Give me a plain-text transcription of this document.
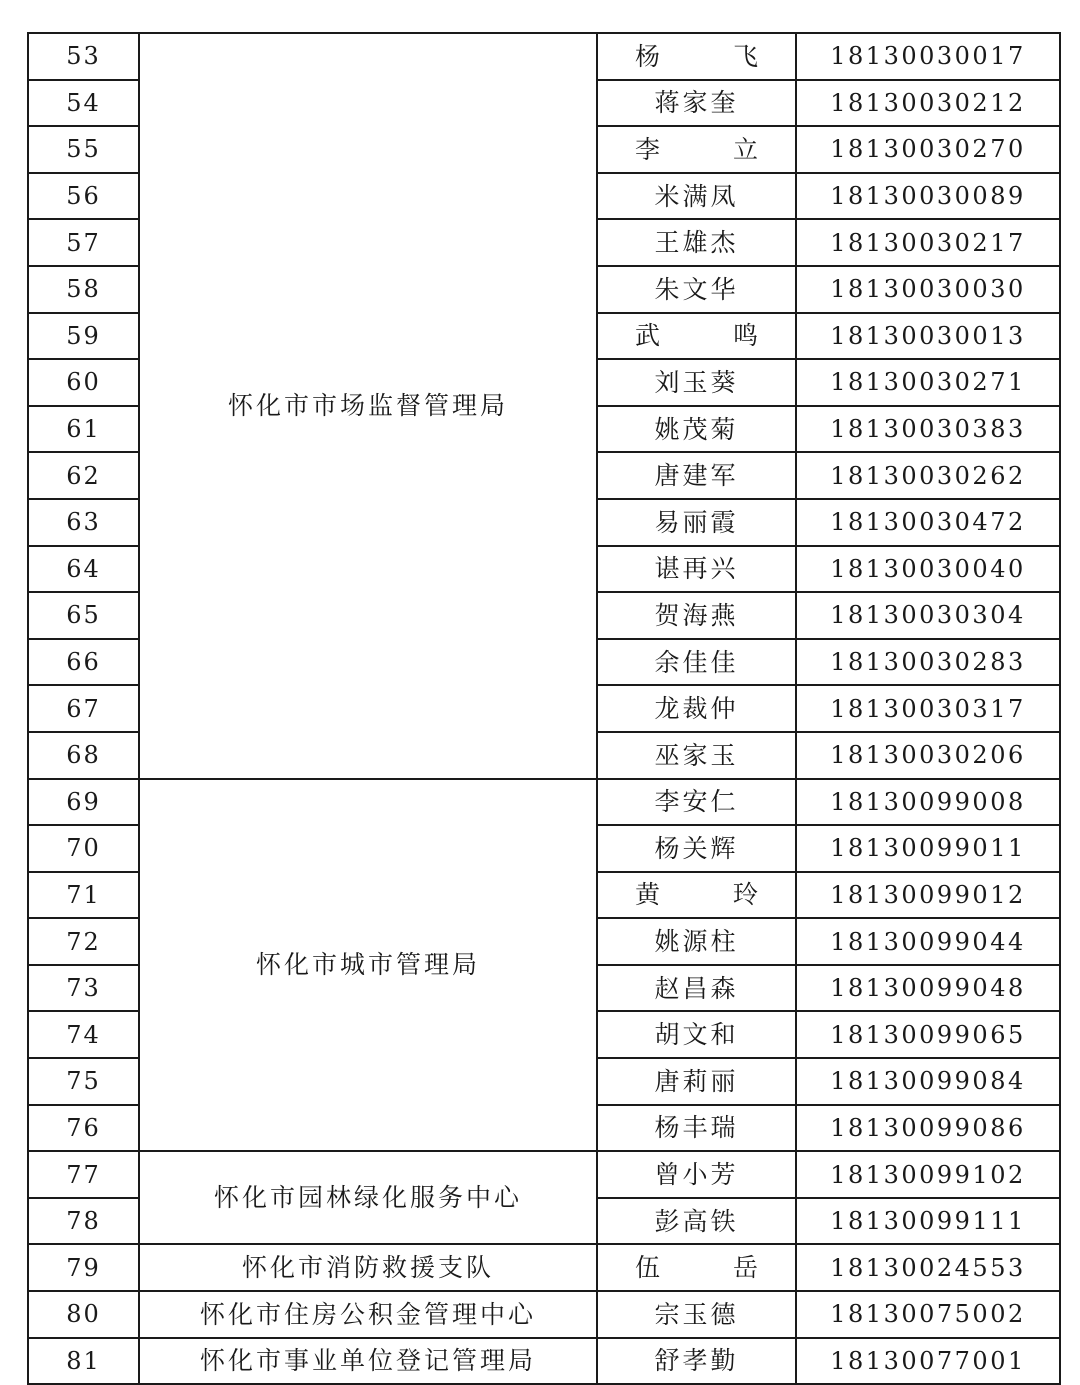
53	怀化市市场监督管理局	杨　飞	18130030017
54		蒋家奎	18130030212
55		李　立	18130030270
56		米满凤	18130030089
57		王雄杰	18130030217
58		朱文华	18130030030
59		武　鸣	18130030013
60		刘玉葵	18130030271
61		姚茂菊	18130030383
62		唐建军	18130030262
63		易丽霞	18130030472
64		谌再兴	18130030040
65		贺海燕	18130030304
66		余佳佳	18130030283
67		龙裁仲	18130030317
68		巫家玉	18130030206
69	怀化市城市管理局	李安仁	18130099008
70		杨关辉	18130099011
71		黄　玲	18130099012
72		姚源柱	18130099044
73		赵昌森	18130099048
74		胡文和	18130099065
75		唐莉丽	18130099084
76		杨丰瑞	18130099086
77	怀化市园林绿化服务中心	曾小芳	18130099102
78		彭高铁	18130099111
79	怀化市消防救援支队	伍　岳	18130024553
80	怀化市住房公积金管理中心	宗玉德	18130075002
81	怀化市事业单位登记管理局	舒孝勤	18130077001
